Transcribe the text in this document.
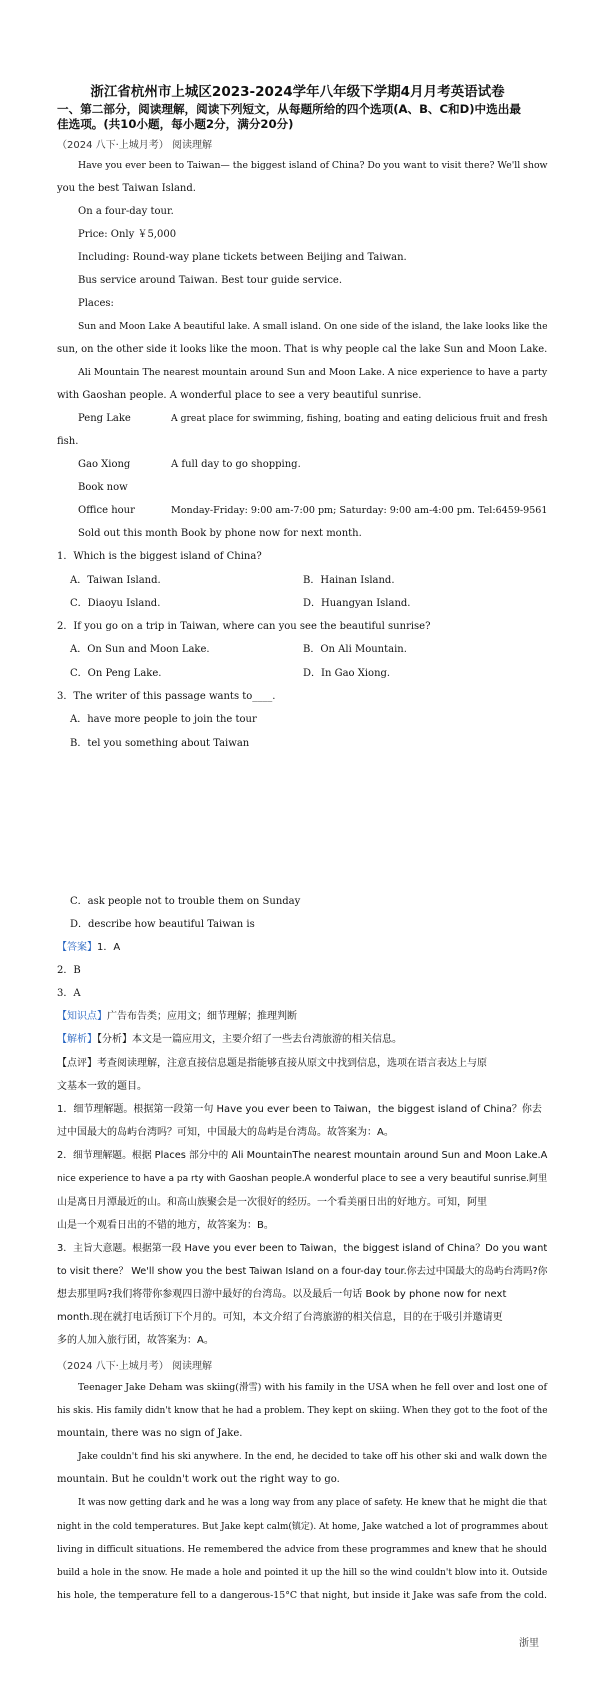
浙江省杭州市上城区2023-2024学年八年级下学期4月月考英语试卷
一、第二部分，阅读理解，阅读下列短文，从每题所给的四个选项(A、B、C和D)中选出最
佳选项。(共10小题，每小题2分，满分20分)
（2024 八下·上城月考） 阅读理解
Have you ever been to Taiwan— the biggest island of China? Do you want to visit there? We'll show
you the best Taiwan Island.
On a four-day tour.
Price: Only ￥5,000
Including: Round-way plane tickets between Beijing and Taiwan.
Bus service around Taiwan. Best tour guide service.
Places:
Sun and Moon Lake A beautiful lake. A small island. On one side of the island, the lake looks like the
sun, on the other side it looks like the moon. That is why people cal the lake Sun and Moon Lake.
Ali Mountain The nearest mountain around Sun and Moon Lake. A nice experience to have a party
with Gaoshan people. A wonderful place to see a very beautiful sunrise.
Peng Lake	A great place for swimming, fishing, boating and eating delicious fruit and fresh
fish.
Gao Xiong	A full day to go shopping.
Book now
Office hour	Monday-Friday: 9:00 am-7:00 pm; Saturday: 9:00 am-4:00 pm. Tel:6459-9561
Sold out this month Book by phone now for next month.
1．Which is the biggest island of China?
A．Taiwan Island.	B．Hainan Island.
C．Diaoyu Island.	D．Huangyan Island.
2．If you go on a trip in Taiwan, where can you see the beautiful sunrise?
A．On Sun and Moon Lake.	B．On Ali Mountain.
C．On Peng Lake.	D．In Gao Xiong.
3．The writer of this passage wants to____.
A．have more people to join the tour
B．tel you something about Taiwan
C．ask people not to trouble them on Sunday
D．describe how beautiful Taiwan is
【答案】1．A
2．B
3．A
【知识点】广告布告类；应用文；细节理解；推理判断
【解析】【分析】本文是一篇应用文，主要介绍了一些去台湾旅游的相关信息。
【点评】考查阅读理解，注意直接信息题是指能够直接从原文中找到信息，选项在语言表达上与原
文基本一致的题目。
1．细节理解题。根据第一段第一句 Have you ever been to Taiwan，the biggest island of China？你去
过中国最大的岛屿台湾吗？可知，中国最大的岛屿是台湾岛。故答案为：A。
2．细节理解题。根据 Places 部分中的 Ali MountainThe nearest mountain around Sun and Moon Lake.A
nice experience to have a pa rty with Gaoshan people.A wonderful place to see a very beautiful sunrise.阿里
山是离日月潭最近的山。和高山族聚会是一次很好的经历。一个看美丽日出的好地方。可知，阿里
山是一个观看日出的不错的地方，故答案为：B。
3．主旨大意题。根据第一段 Have you ever been to Taiwan，the biggest island of China？Do you want
to visit there？ We'll show you the best Taiwan Island on a four-day tour.你去过中国最大的岛屿台湾吗?你
想去那里吗?我们将带你参观四日游中最好的台湾岛。以及最后一句话 Book by phone now for next
month.现在就打电话预订下个月的。可知，本文介绍了台湾旅游的相关信息，目的在于吸引并邀请更
多的人加入旅行团，故答案为：A。
（2024 八下·上城月考） 阅读理解
Teenager Jake Deham was skiing(滑雪) with his family in the USA when he fell over and lost one of
his skis. His family didn't know that he had a problem. They kept on skiing. When they got to the foot of the
mountain, there was no sign of Jake.
Jake couldn't find his ski anywhere. In the end, he decided to take off his other ski and walk down the
mountain. But he couldn't work out the right way to go.
It was now getting dark and he was a long way from any place of safety. He knew that he might die that
night in the cold temperatures. But Jake kept calm(镇定). At home, Jake watched a lot of programmes about
living in difficult situations. He remembered the advice from these programmes and knew that he should
build a hole in the snow. He made a hole and pointed it up the hill so the wind couldn't blow into it. Outside
his hole, the temperature fell to a dangerous-15°C that night, but inside it Jake was safe from the cold.
浙里
